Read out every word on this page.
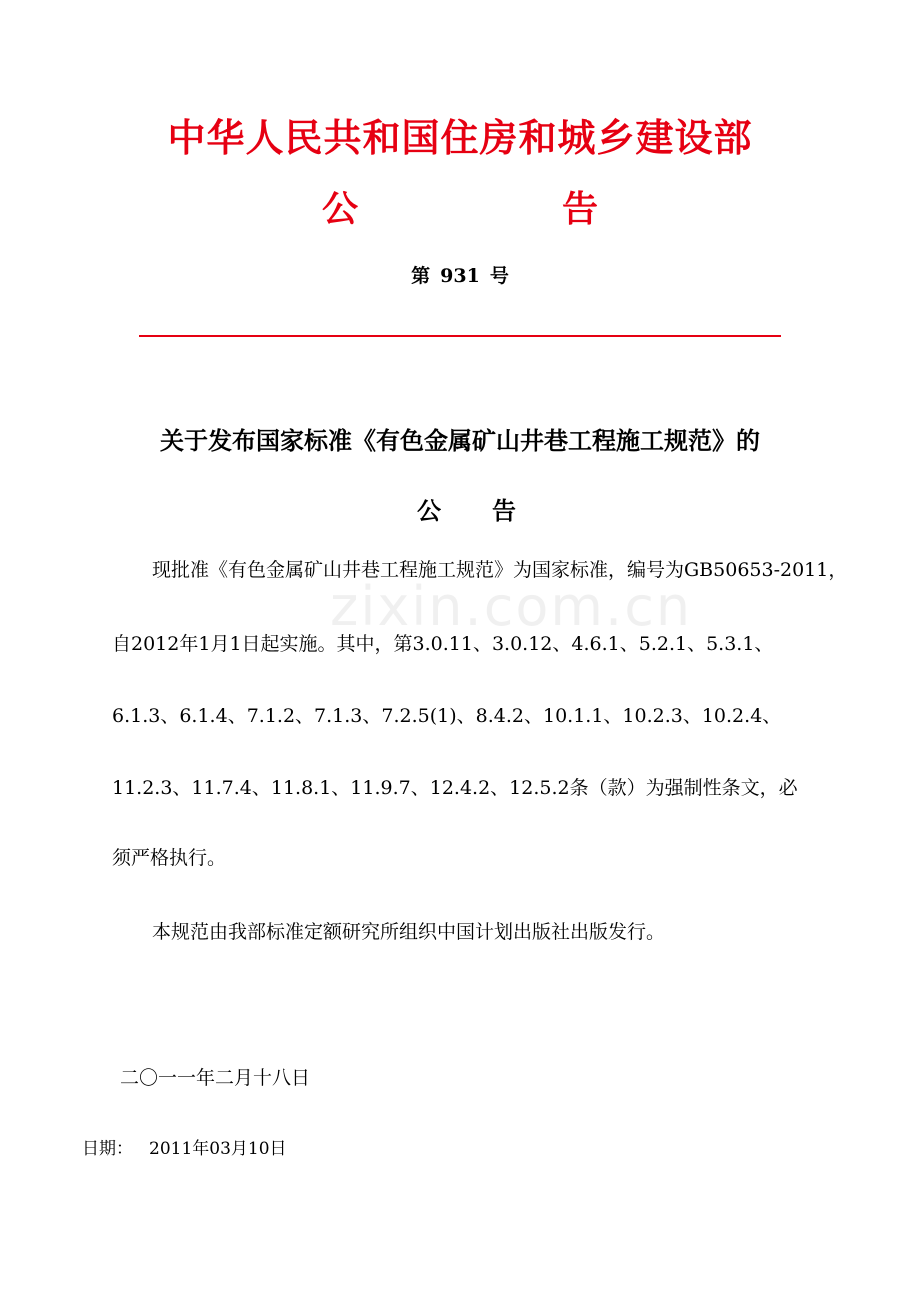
中华人民共和国住房和城乡建设部
公	告
第 931 号
关于发布国家标准《有色金属矿山井巷工程施工规范》的
公 告
现批准《有色金属矿山井巷工程施工规范》为国家标准，编号为GB50653-2011，
自2012年1月1日起实施。其中，第3.0.11、3.0.12、4.6.1、5.2.1、5.3.1、
6.1.3、6.1.4、7.1.2、7.1.3、7.2.5(1)、8.4.2、10.1.1、10.2.3、10.2.4、
11.2.3、11.7.4、11.8.1、11.9.7、12.4.2、12.5.2条（款）为强制性条文，必
须严格执行。
本规范由我部标准定额研究所组织中国计划出版社出版发行。
二〇一一年二月十八日
日期： 2011年03月10日
zixin.com.cn
